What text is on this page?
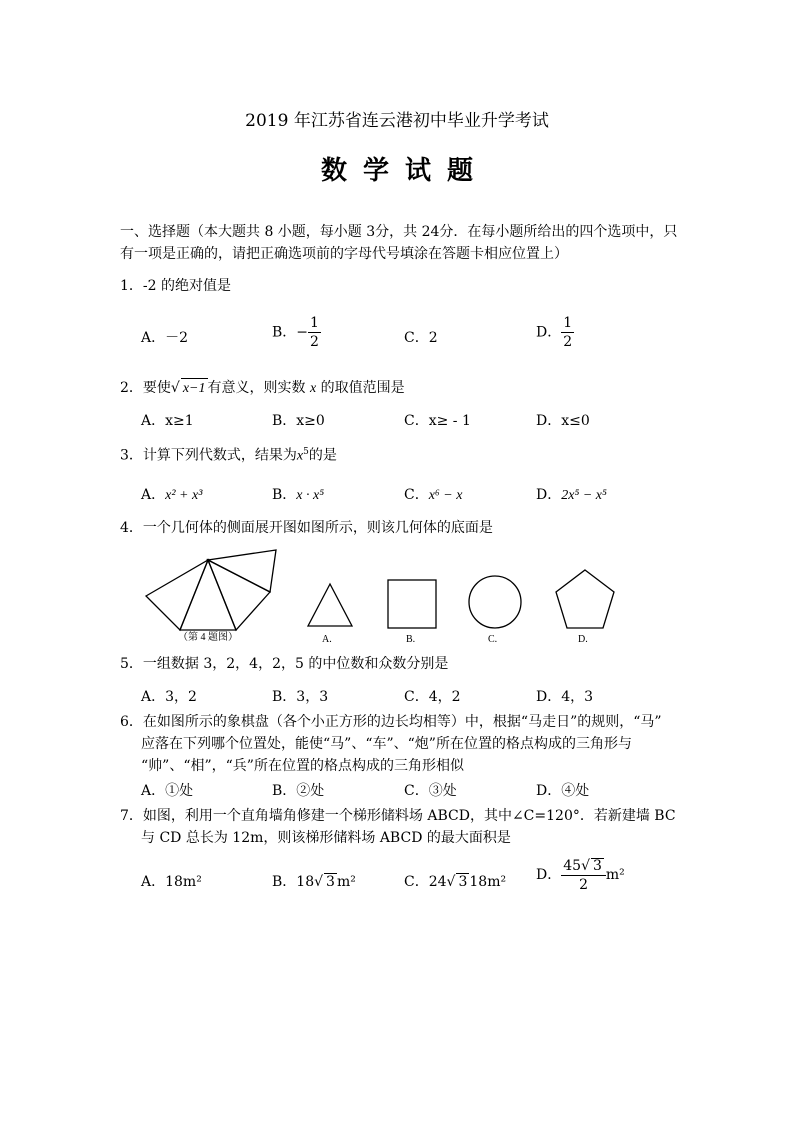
2019 年江苏省连云港初中毕业升学考试
数学试题
一、选择题（本大题共 8 小题，每小题 3分，共 24分．在每小题所给出的四个选项中，只
有一项是正确的，请把正确选项前的字母代号填涂在答题卡相应位置上）
1．-2 的绝对值是
A．－2	B．− $\frac{1}{2}$	C．2	D． $\frac{1}{2}$
2．要使√ x−1 有意义，则实数 x 的取值范围是
A．x≥1	B．x≥0	C．x≥ - 1	D．x≤0
3．计算下列代数式，结果为$x^5$的是
A．x² + x³	B．x · x⁵	C．x⁶ − x	D．2x⁵ − x⁵
4．一个几何体的侧面展开图如图所示，则该几何体的底面是
（第 4 题图）	A.	B.	C.	D.
5．一组数据 3，2，4，2，5 的中位数和众数分别是
A．3，2	B．3，3	C．4，2	D．4，3
6．在如图所示的象棋盘（各个小正方形的边长均相等）中，根据“马走日”的规则，“马”
应落在下列哪个位置处，能使“马”、“车”、“炮”所在位置的格点构成的三角形与
“帅”、“相”，“兵”所在位置的格点构成的三角形相似
A．①处	B．②处	C．③处	D．④处
7．如图，利用一个直角墙角修建一个梯形储料场 ABCD，其中∠C=120°．若新建墙 BC
与 CD 总长为 12m，则该梯形储料场 ABCD 的最大面积是
A．18m²	B．18√ 3 m²	C．24√ 3 18m² D． $\frac{45√ 3}{2} m^2$
